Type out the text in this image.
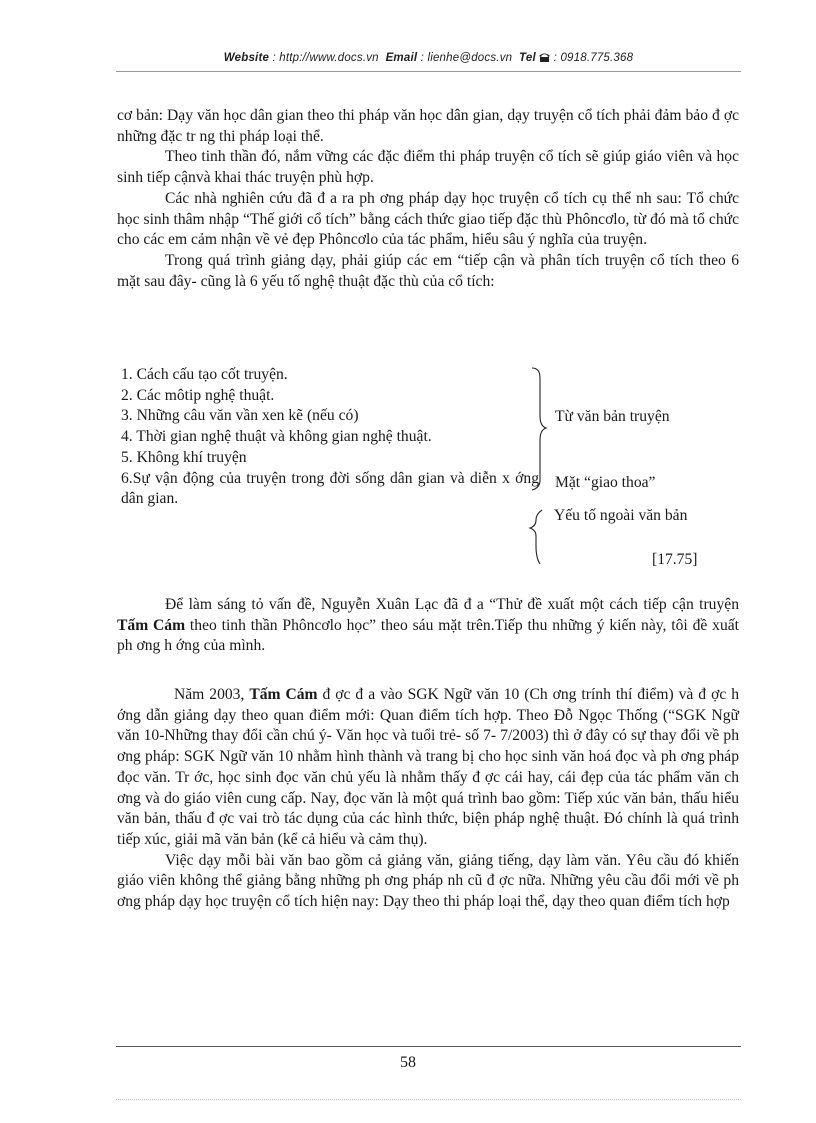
Website : http://www.docs.vn Email : lienhe@docs.vn Tel : 0918.775.368

cơ bản: Dạy văn học dân gian theo thi pháp văn học dân gian, dạy truyện cổ tích phải đảm bảo đ ợc những đặc tr ng thi pháp loại thể.

Theo tinh thần đó, nắm vững các đặc điểm thi pháp truyện cổ tích sẽ giúp giáo viên và học sinh tiếp cậnvà khai thác truyện phù hợp.

Các nhà nghiên cứu đã đ a ra ph ơng pháp dạy học truyện cổ tích cụ thể nh sau: Tổ chức học sinh thâm nhập “Thế giới cổ tích” bằng cách thức giao tiếp đặc thù Phôncơlo, từ đó mà tổ chức cho các em cảm nhận về vẻ đẹp Phôncơlo của tác phẩm, hiểu sâu ý nghĩa của truyện.

Trong quá trình giảng dạy, phải giúp các em “tiếp cận và phân tích truyện cổ tích theo 6 mặt sau đây- cũng là 6 yếu tố nghệ thuật đặc thù của cổ tích:

1. Cách cấu tạo cốt truyện.
2. Các môtip nghệ thuật.
3. Những câu văn vần xen kẽ (nếu có)
4. Thời gian nghệ thuật và không gian nghệ thuật.
5. Không khí truyện
6.Sự vận động của truyện trong đời sống dân gian và diễn x ớng dân gian.
Từ văn bản truyện
Mặt “giao thoa”
Yếu tố ngoài văn bản
[17.75]

Để làm sáng tỏ vấn đề, Nguyễn Xuân Lạc đã đ a “Thử đề xuất một cách tiếp cận truyện Tấm Cám theo tinh thần Phôncơlo học” theo sáu mặt trên.Tiếp thu những ý kiến này, tôi đề xuất ph ơng h ớng của mình.

Năm 2003, Tấm Cám đ ợc đ a vào SGK Ngữ văn 10 (Ch ơng trính thí điểm) và đ ợc h ớng dẫn giảng dạy theo quan điểm mới: Quan điểm tích hợp. Theo Đỗ Ngọc Thống (“SGK Ngữ văn 10-Những thay đổi cần chú ý- Văn học và tuổi trẻ- số 7- 7/2003) thì ở đây có sự thay đổi về ph ơng pháp: SGK Ngữ văn 10 nhằm hình thành và trang bị cho học sinh văn hoá đọc và ph ơng pháp đọc văn. Tr ớc, học sinh đọc văn chủ yếu là nhằm thấy đ ợc cái hay, cái đẹp của tác phẩm văn ch ơng và do giáo viên cung cấp. Nay, đọc văn là một quá trình bao gồm: Tiếp xúc văn bản, thấu hiểu văn bản, thấu đ ợc vai trò tác dụng của các hình thức, biện pháp nghệ thuật. Đó chính là quá trình tiếp xúc, giải mã văn bản (kể cả hiểu và cảm thụ).

Việc dạy mỗi bài văn bao gồm cả giảng văn, giảng tiếng, dạy làm văn. Yêu cầu đó khiến giáo viên không thể giảng bằng những ph ơng pháp nh cũ đ ợc nữa. Những yêu cầu đổi mới về ph ơng pháp dạy học truyện cổ tích hiện nay: Dạy theo thi pháp loại thể, dạy theo quan điểm tích hợp

58
